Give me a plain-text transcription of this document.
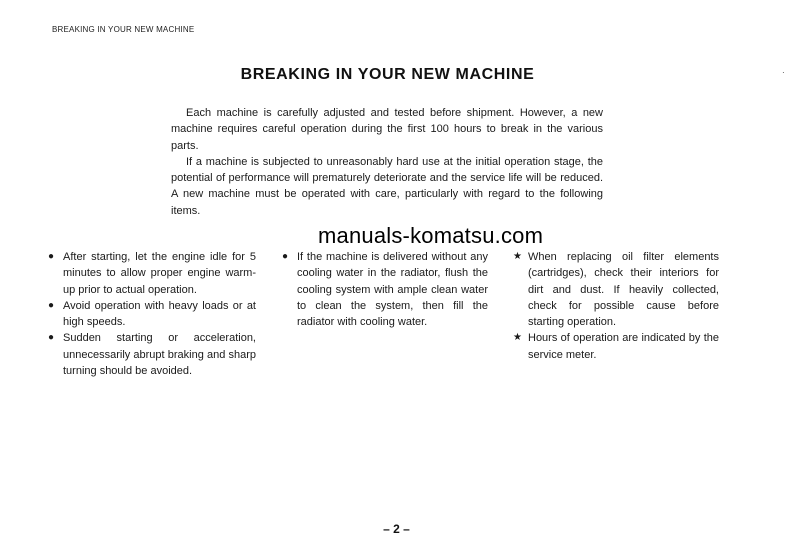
BREAKING IN YOUR NEW MACHINE
BREAKING IN YOUR NEW MACHINE	·

Each machine is carefully adjusted and tested before shipment. However, a new machine requires careful operation during the first 100 hours to break in the various parts.

If a machine is subjected to unreasonably hard use at the initial operation stage, the potential of performance will prematurely deteriorate and the service life will be reduced. A new machine must be operated with care, particularly with regard to the following items.

manuals-komatsu.com
● After starting, let the engine idle for 5 minutes to allow proper engine warm-up prior to actual operation.
● Avoid operation with heavy loads or at high speeds.
● Sudden starting or acceleration, unnecessarily abrupt braking and sharp turning should be avoided.
● If the machine is delivered without any cooling water in the radiator, flush the cooling system with ample clean water to clean the system, then fill the radiator with cooling water.
★ When replacing oil filter elements (cartridges), check their interiors for dirt and dust. If heavily collected, check for possible cause before starting operation.
★ Hours of operation are indicated by the service meter.
– 2 –
